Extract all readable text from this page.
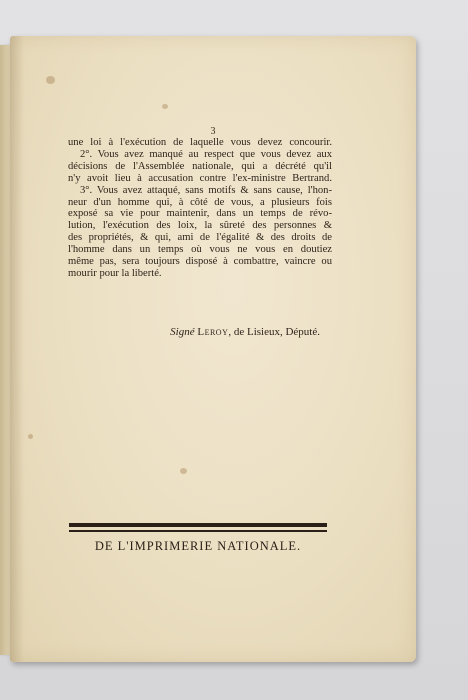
3
une loi à l'exécution de laquelle vous devez concourir.
2°. Vous avez manqué au respect que vous devez aux
décisions de l'Assemblée nationale, qui a décrété qu'il
n'y avoit lieu à accusation contre l'ex-ministre Bertrand.
3°. Vous avez attaqué, sans motifs & sans cause, l'hon-
neur d'un homme qui, à côté de vous, a plusieurs fois
exposé sa vie pour maintenir, dans un temps de révo-
lution, l'exécution des loix, la sûreté des personnes &
des propriétés, & qui, ami de l'égalité & des droits de
l'homme dans un temps où vous ne vous en doutiez
même pas, sera toujours disposé à combattre, vaincre ou
mourir pour la liberté.
Signé Leroy, de Lisieux, Député.
DE L'IMPRIMERIE NATIONALE.
